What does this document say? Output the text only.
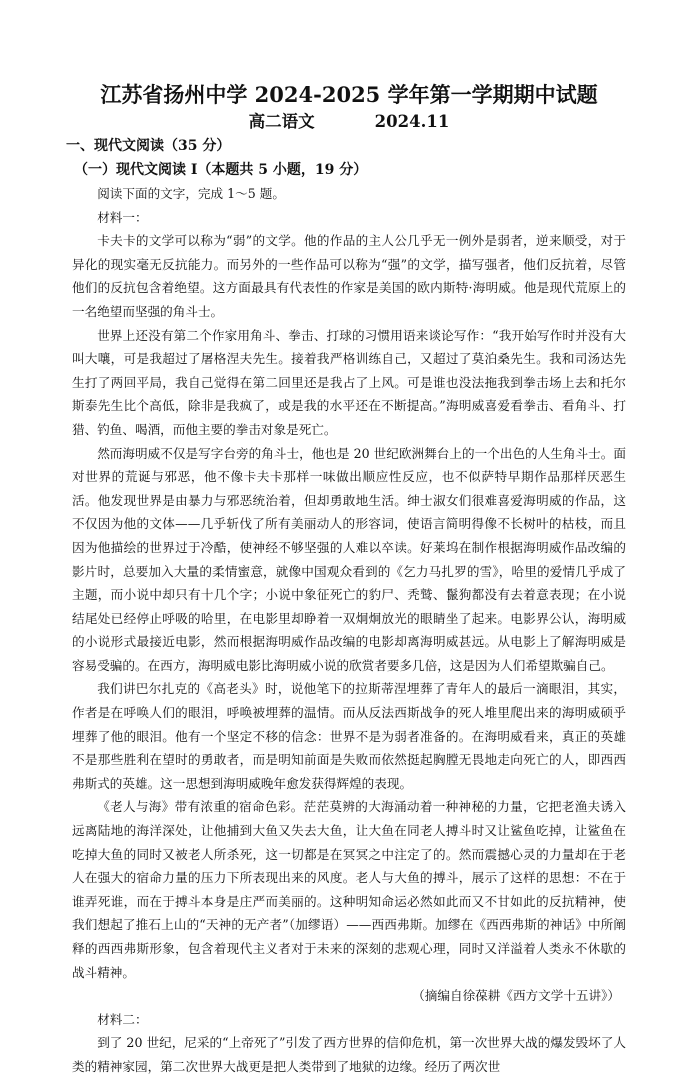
江苏省扬州中学 2024-2025 学年第一学期期中试题
高二语文	2024.11
一、现代文阅读（35 分）
（一）现代文阅读 I（本题共 5 小题，19 分）

阅读下面的文字，完成 1～5 题。

材料一：

卡夫卡的文学可以称为“弱”的文学。他的作品的主人公几乎无一例外是弱者，逆来顺受，对于异化的现实毫无反抗能力。而另外的一些作品可以称为“强”的文学，描写强者，他们反抗着，尽管他们的反抗包含着绝望。这方面最具有代表性的作家是美国的欧内斯特·海明威。他是现代荒原上的一名绝望而坚强的角斗士。

世界上还没有第二个作家用角斗、拳击、打球的习惯用语来谈论写作：“我开始写作时并没有大叫大嚷，可是我超过了屠格涅夫先生。接着我严格训练自己，又超过了莫泊桑先生。我和司汤达先生打了两回平局，我自己觉得在第二回里还是我占了上风。可是谁也没法拖我到拳击场上去和托尔斯泰先生比个高低，除非是我疯了，或是我的水平还在不断提高。”海明威喜爱看拳击、看角斗、打猎、钓鱼、喝酒，而他主要的拳击对象是死亡。

然而海明威不仅是写字台旁的角斗士，他也是 20 世纪欧洲舞台上的一个出色的人生角斗士。面对世界的荒诞与邪恶，他不像卡夫卡那样一味做出顺应性反应，也不似萨特早期作品那样厌恶生活。他发现世界是由暴力与邪恶统治着，但却勇敢地生活。绅士淑女们很难喜爱海明威的作品，这不仅因为他的文体——几乎斩伐了所有美丽动人的形容词，使语言简明得像不长树叶的枯枝，而且因为他描绘的世界过于冷酷，使神经不够坚强的人难以卒读。好莱坞在制作根据海明威作品改编的影片时，总要加入大量的柔情蜜意，就像中国观众看到的《乞力马扎罗的雪》，哈里的爱情几乎成了主题，而小说中却只有十几个字；小说中象征死亡的豹尸、秃鹫、鬣狗都没有去着意表现；在小说结尾处已经停止呼吸的哈里，在电影里却睁着一双炯炯放光的眼睛坐了起来。电影界公认，海明威的小说形式最接近电影，然而根据海明威作品改编的电影却离海明威甚远。从电影上了解海明威是容易受骗的。在西方，海明威电影比海明威小说的欣赏者要多几倍，这是因为人们希望欺骗自己。

我们讲巴尔扎克的《高老头》时，说他笔下的拉斯蒂涅埋葬了青年人的最后一滴眼泪，其实，作者是在呼唤人们的眼泪，呼唤被埋葬的温情。而从反法西斯战争的死人堆里爬出来的海明威硕乎埋葬了他的眼泪。他有一个坚定不移的信念：世界不是为弱者准备的。在海明威看来，真正的英雄不是那些胜利在望时的勇敢者，而是明知前面是失败而依然挺起胸膛无畏地走向死亡的人，即西西弗斯式的英雄。这一思想到海明威晚年愈发获得辉煌的表现。

《老人与海》带有浓重的宿命色彩。茫茫莫辨的大海涌动着一种神秘的力量，它把老渔夫诱入远离陆地的海洋深处，让他捕到大鱼又失去大鱼，让大鱼在同老人搏斗时又让鲨鱼吃掉，让鲨鱼在吃掉大鱼的同时又被老人所杀死，这一切都是在冥冥之中注定了的。然而震撼心灵的力量却在于老人在强大的宿命力量的压力下所表现出来的风度。老人与大鱼的搏斗，展示了这样的思想：不在于谁弄死谁，而在于搏斗本身是庄严而美丽的。这种明知命运必然如此而又不甘如此的反抗精神，使我们想起了推石上山的“天神的无产者”（加缪语）——西西弗斯。加缪在《西西弗斯的神话》中所阐释的西西弗斯形象，包含着现代主义者对于未来的深刻的悲观心理，同时又洋溢着人类永不休歇的战斗精神。

（摘编自徐葆耕《西方文学十五讲》）

材料二：

到了 20 世纪，尼采的“上帝死了”引发了西方世界的信仰危机，第一次世界大战的爆发毁坏了人类的精神家园，第二次世界大战更是把人类带到了地狱的边缘。经历了两次世
